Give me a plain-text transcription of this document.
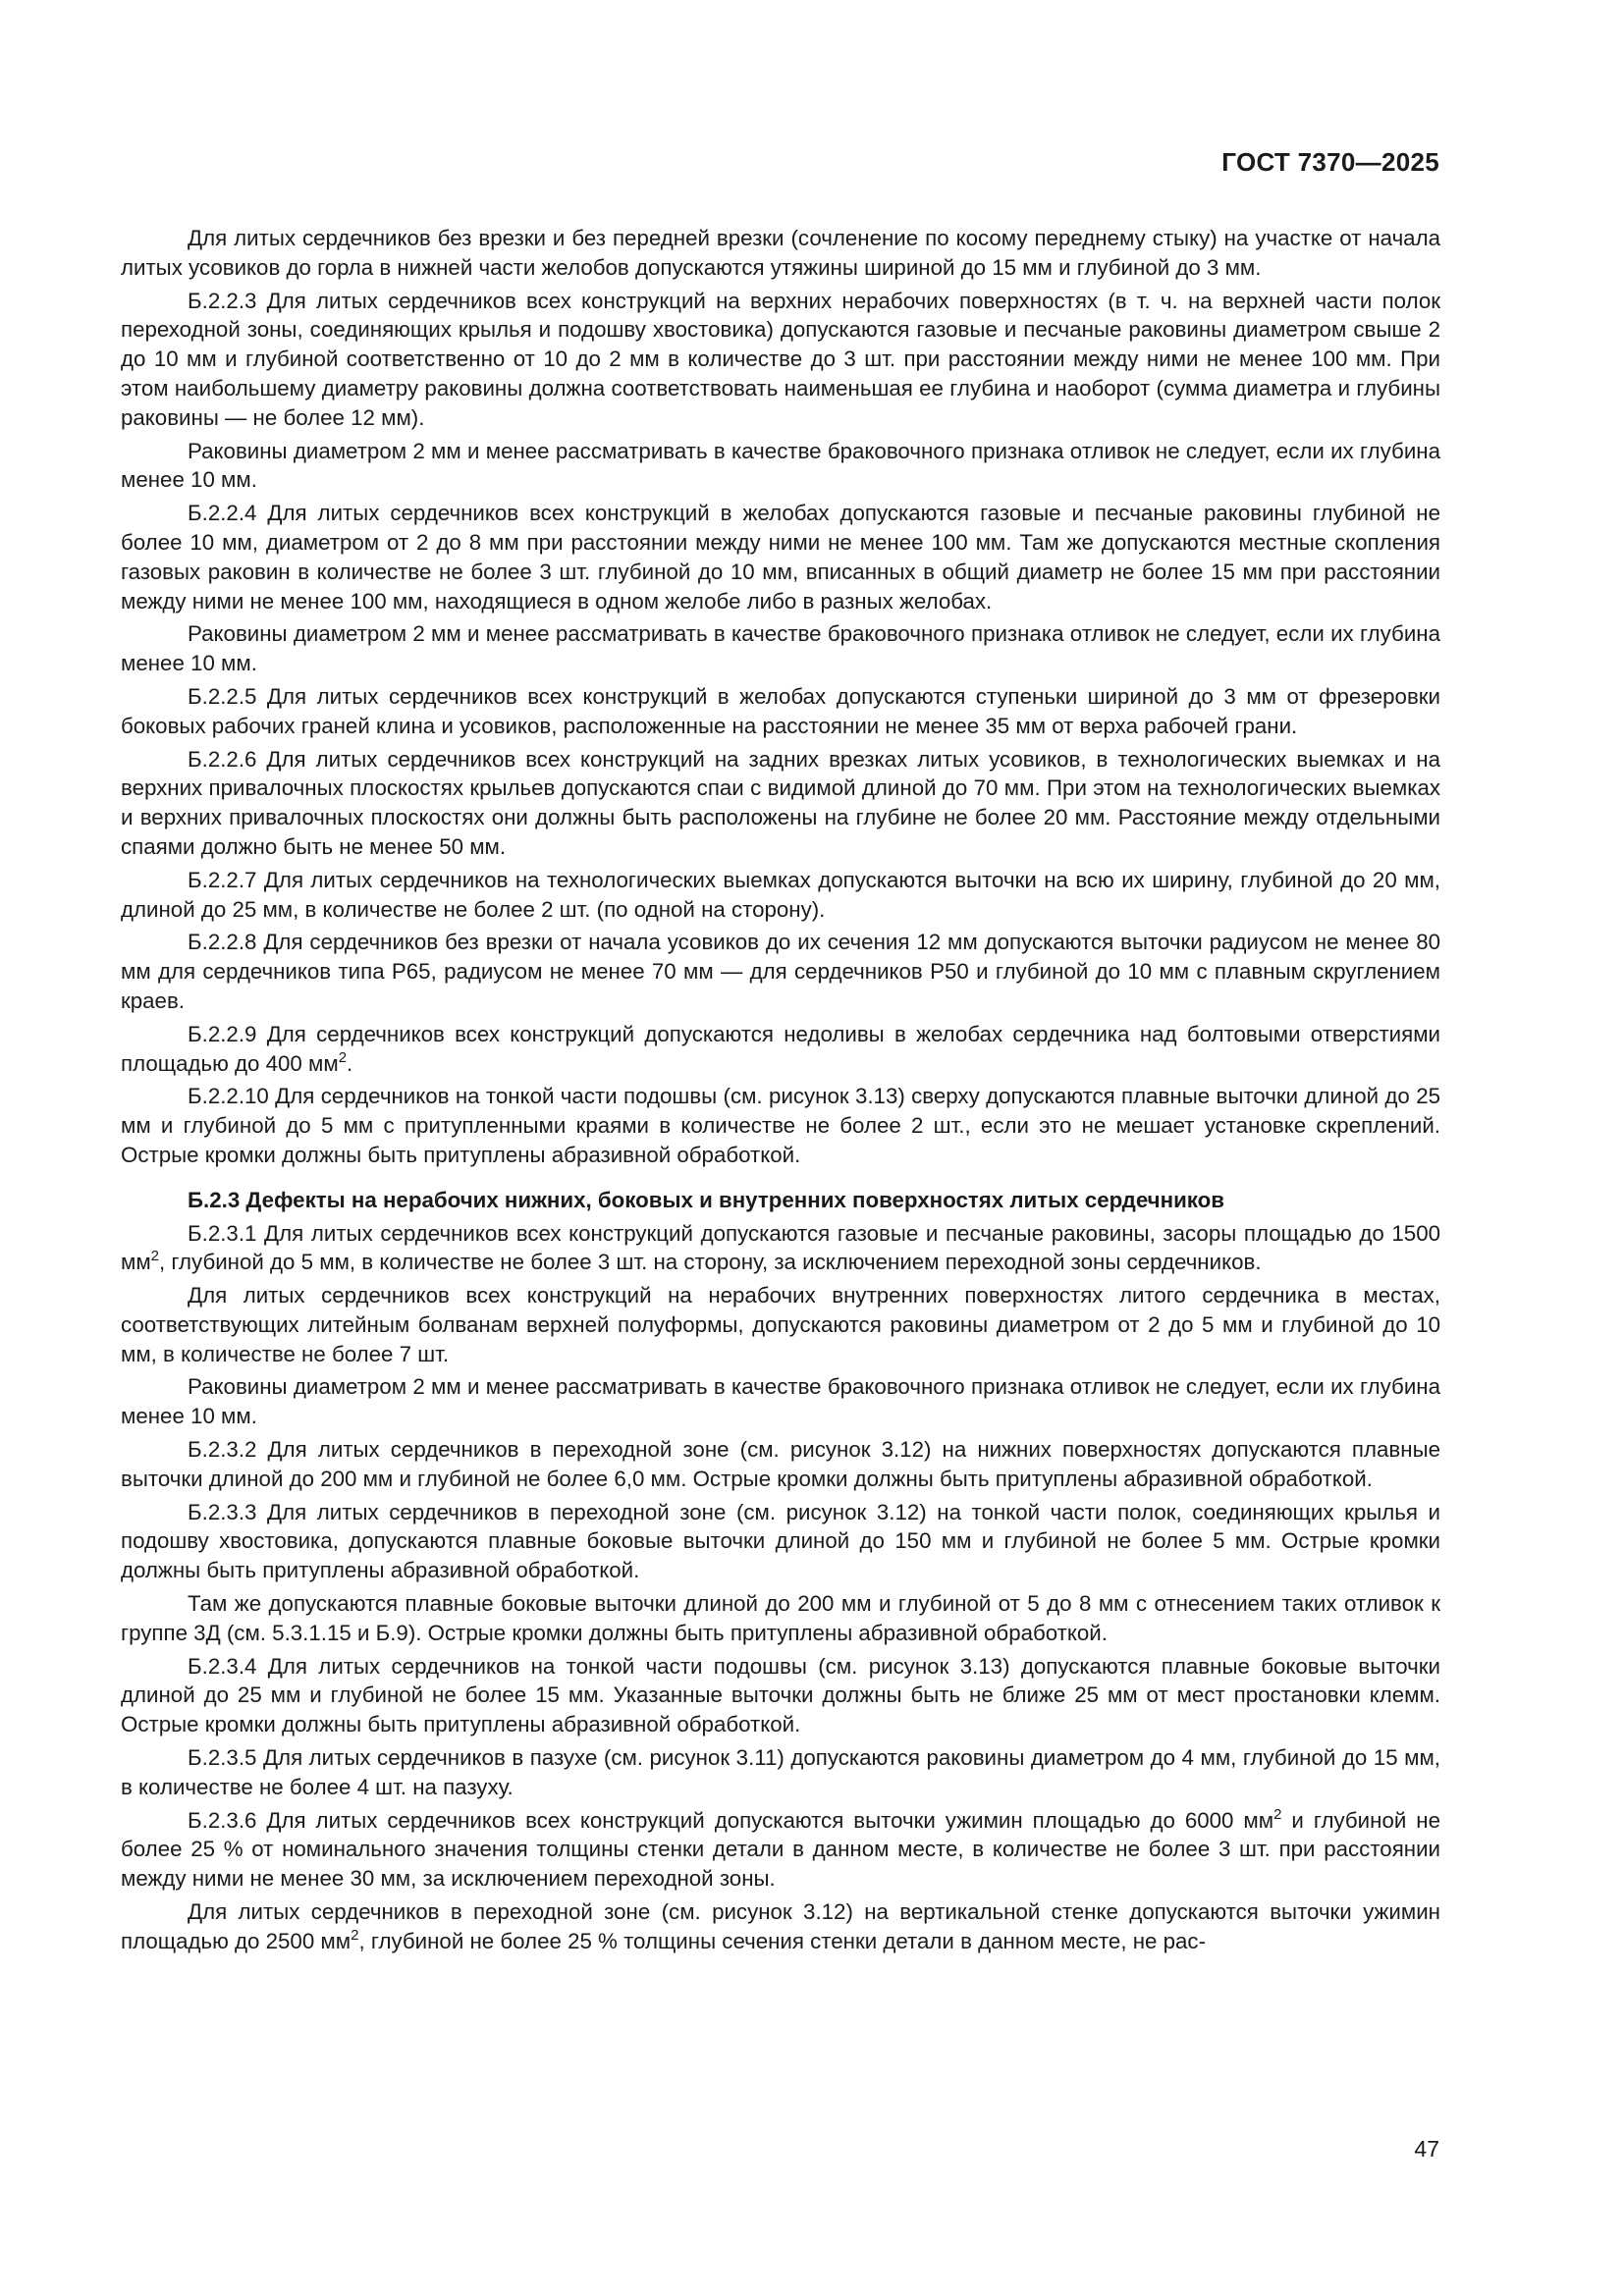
ГОСТ 7370—2025

Для литых сердечников без врезки и без передней врезки (сочленение по косому переднему стыку) на участке от начала литых усовиков до горла в нижней части желобов допускаются утяжины шириной до 15 мм и глубиной до 3 мм.

Б.2.2.3 Для литых сердечников всех конструкций на верхних нерабочих поверхностях (в т. ч. на верхней части полок переходной зоны, соединяющих крылья и подошву хвостовика) допускаются газовые и песчаные раковины диаметром свыше 2 до 10 мм и глубиной соответственно от 10 до 2 мм в количестве до 3 шт. при расстоянии между ними не менее 100 мм. При этом наибольшему диаметру раковины должна соответствовать наименьшая ее глубина и наоборот (сумма диаметра и глубины раковины — не более 12 мм).

Раковины диаметром 2 мм и менее рассматривать в качестве браковочного признака отливок не следует, если их глубина менее 10 мм.

Б.2.2.4 Для литых сердечников всех конструкций в желобах допускаются газовые и песчаные раковины глубиной не более 10 мм, диаметром от 2 до 8 мм при расстоянии между ними не менее 100 мм. Там же допускаются местные скопления газовых раковин в количестве не более 3 шт. глубиной до 10 мм, вписанных в общий диаметр не более 15 мм при расстоянии между ними не менее 100 мм, находящиеся в одном желобе либо в разных желобах.

Раковины диаметром 2 мм и менее рассматривать в качестве браковочного признака отливок не следует, если их глубина менее 10 мм.

Б.2.2.5 Для литых сердечников всех конструкций в желобах допускаются ступеньки шириной до 3 мм от фрезеровки боковых рабочих граней клина и усовиков, расположенные на расстоянии не менее 35 мм от верха рабочей грани.

Б.2.2.6 Для литых сердечников всех конструкций на задних врезках литых усовиков, в технологических выемках и на верхних привалочных плоскостях крыльев допускаются спаи с видимой длиной до 70 мм. При этом на технологических выемках и верхних привалочных плоскостях они должны быть расположены на глубине не более 20 мм. Расстояние между отдельными спаями должно быть не менее 50 мм.

Б.2.2.7 Для литых сердечников на технологических выемках допускаются выточки на всю их ширину, глубиной до 20 мм, длиной до 25 мм, в количестве не более 2 шт. (по одной на сторону).

Б.2.2.8 Для сердечников без врезки от начала усовиков до их сечения 12 мм допускаются выточки радиусом не менее 80 мм для сердечников типа Р65, радиусом не менее 70 мм — для сердечников Р50 и глубиной до 10 мм с плавным скруглением краев.

Б.2.2.9 Для сердечников всех конструкций допускаются недоливы в желобах сердечника над болтовыми отверстиями площадью до 400 $мм^2$.

Б.2.2.10 Для сердечников на тонкой части подошвы (см. рисунок 3.13) сверху допускаются плавные выточки длиной до 25 мм и глубиной до 5 мм с притупленными краями в количестве не более 2 шт., если это не мешает установке скреплений. Острые кромки должны быть притуплены абразивной обработкой.

Б.2.3 Дефекты на нерабочих нижних, боковых и внутренних поверхностях литых сердечников

Б.2.3.1 Для литых сердечников всех конструкций допускаются газовые и песчаные раковины, засоры площадью до 1500 $мм^2$, глубиной до 5 мм, в количестве не более 3 шт. на сторону, за исключением переходной зоны сердечников.

Для литых сердечников всех конструкций на нерабочих внутренних поверхностях литого сердечника в местах, соответствующих литейным болванам верхней полуформы, допускаются раковины диаметром от 2 до 5 мм и глубиной до 10 мм, в количестве не более 7 шт.

Раковины диаметром 2 мм и менее рассматривать в качестве браковочного признака отливок не следует, если их глубина менее 10 мм.

Б.2.3.2 Для литых сердечников в переходной зоне (см. рисунок 3.12) на нижних поверхностях допускаются плавные выточки длиной до 200 мм и глубиной не более 6,0 мм. Острые кромки должны быть притуплены абразивной обработкой.

Б.2.3.3 Для литых сердечников в переходной зоне (см. рисунок 3.12) на тонкой части полок, соединяющих крылья и подошву хвостовика, допускаются плавные боковые выточки длиной до 150 мм и глубиной не более 5 мм. Острые кромки должны быть притуплены абразивной обработкой.

Там же допускаются плавные боковые выточки длиной до 200 мм и глубиной от 5 до 8 мм с отнесением таких отливок к группе 3Д (см. 5.3.1.15 и Б.9). Острые кромки должны быть притуплены абразивной обработкой.

Б.2.3.4 Для литых сердечников на тонкой части подошвы (см. рисунок 3.13) допускаются плавные боковые выточки длиной до 25 мм и глубиной не более 15 мм. Указанные выточки должны быть не ближе 25 мм от мест простановки клемм. Острые кромки должны быть притуплены абразивной обработкой.

Б.2.3.5 Для литых сердечников в пазухе (см. рисунок 3.11) допускаются раковины диаметром до 4 мм, глубиной до 15 мм, в количестве не более 4 шт. на пазуху.

Б.2.3.6 Для литых сердечников всех конструкций допускаются выточки ужимин площадью до 6000 $мм^2$ и глубиной не более 25 % от номинального значения толщины стенки детали в данном месте, в количестве не более 3 шт. при расстоянии между ними не менее 30 мм, за исключением переходной зоны.

Для литых сердечников в переходной зоне (см. рисунок 3.12) на вертикальной стенке допускаются выточки ужимин площадью до 2500 $мм^2$, глубиной не более 25 % толщины сечения стенки детали в данном месте, не рас-

47
